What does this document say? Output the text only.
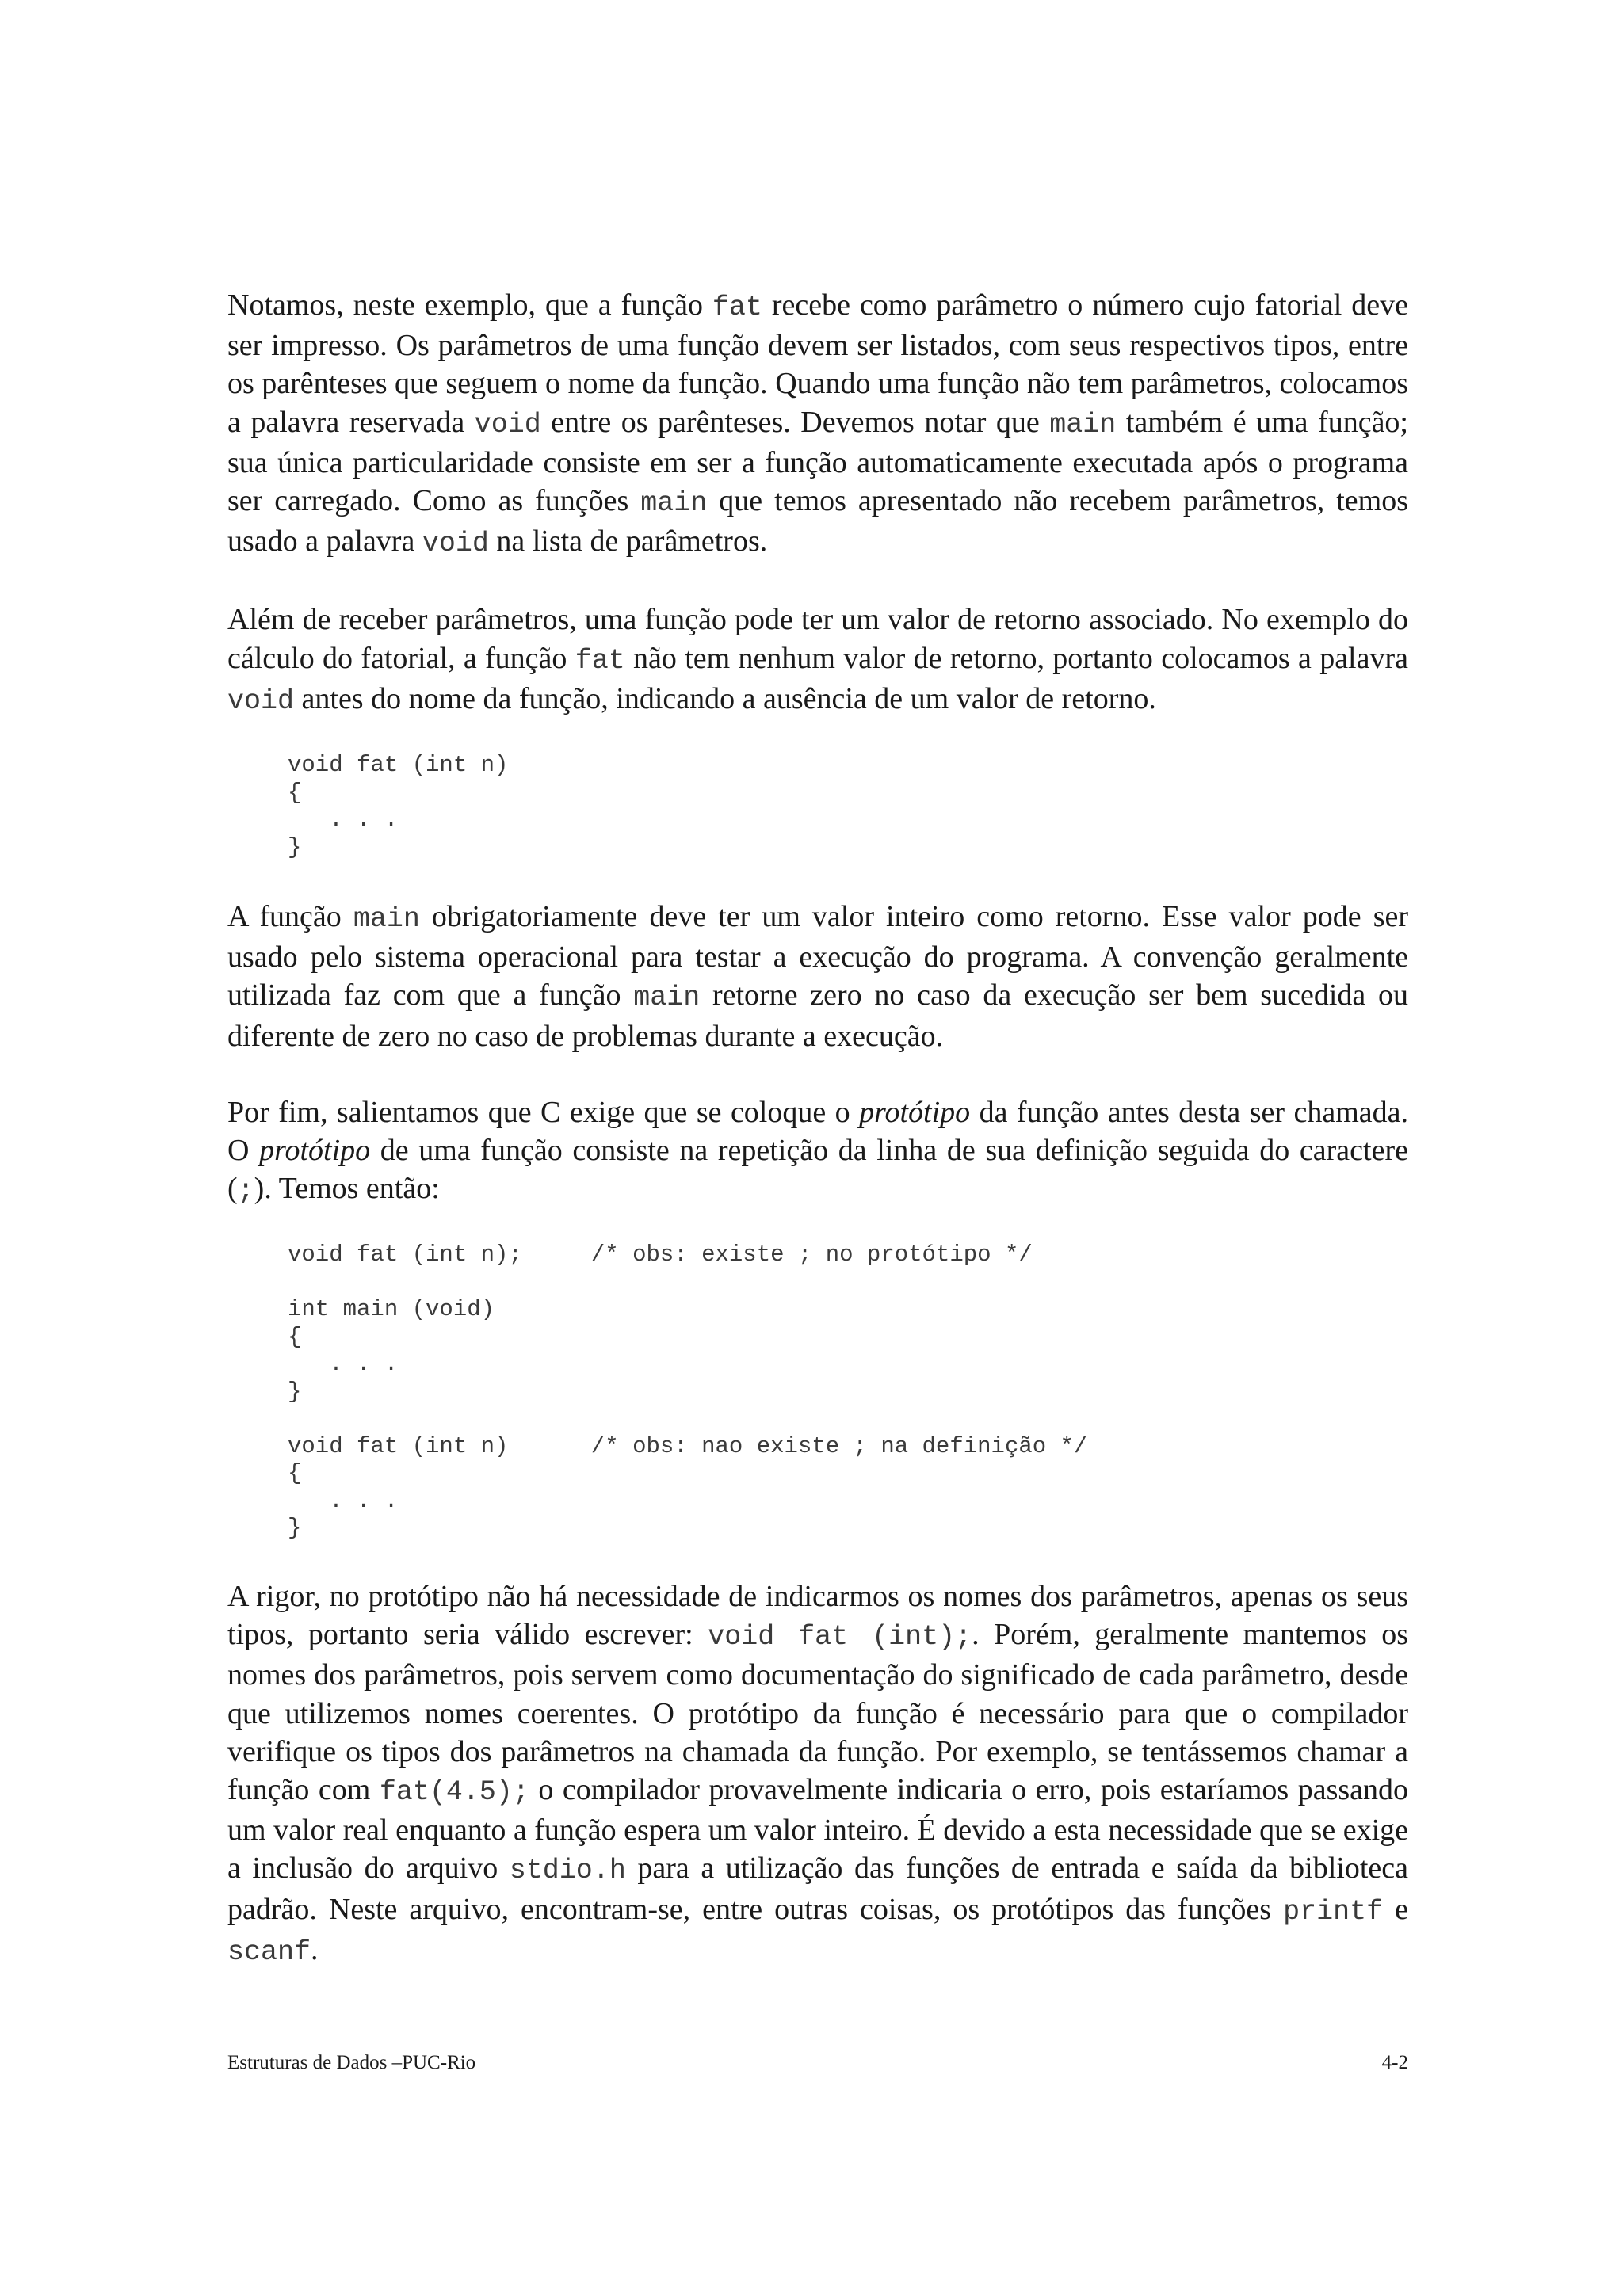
Notamos, neste exemplo, que a função fat recebe como parâmetro o número cujo fatorial deve ser impresso. Os parâmetros de uma função devem ser listados, com seus respectivos tipos, entre os parênteses que seguem o nome da função. Quando uma função não tem parâmetros, colocamos a palavra reservada void entre os parênteses. Devemos notar que main também é uma função; sua única particularidade consiste em ser a função automaticamente executada após o programa ser carregado. Como as funções main que temos apresentado não recebem parâmetros, temos usado a palavra void na lista de parâmetros.

Além de receber parâmetros, uma função pode ter um valor de retorno associado. No exemplo do cálculo do fatorial, a função fat não tem nenhum valor de retorno, portanto colocamos a palavra void antes do nome da função, indicando a ausência de um valor de retorno.

void fat (int n)
{
. . .
}

A função main obrigatoriamente deve ter um valor inteiro como retorno. Esse valor pode ser usado pelo sistema operacional para testar a execução do programa. A convenção geralmente utilizada faz com que a função main retorne zero no caso da execução ser bem sucedida ou diferente de zero no caso de problemas durante a execução.

Por fim, salientamos que C exige que se coloque o protótipo da função antes desta ser chamada. O protótipo de uma função consiste na repetição da linha de sua definição seguida do caractere (;). Temos então:

void fat (int n);     /* obs: existe ; no protótipo */

int main (void)
{
. . .
}

void fat (int n)      /* obs: nao existe ; na definição */
{
. . .
}

A rigor, no protótipo não há necessidade de indicarmos os nomes dos parâmetros, apenas os seus tipos, portanto seria válido escrever: void fat (int);. Porém, geralmente mantemos os nomes dos parâmetros, pois servem como documentação do significado de cada parâmetro, desde que utilizemos nomes coerentes. O protótipo da função é necessário para que o compilador verifique os tipos dos parâmetros na chamada da função. Por exemplo, se tentássemos chamar a função com fat(4.5); o compilador provavelmente indicaria o erro, pois estaríamos passando um valor real enquanto a função espera um valor inteiro. É devido a esta necessidade que se exige a inclusão do arquivo stdio.h para a utilização das funções de entrada e saída da biblioteca padrão. Neste arquivo, encontram-se, entre outras coisas, os protótipos das funções printf e scanf.

Estruturas de Dados –PUC-Rio	4-2
